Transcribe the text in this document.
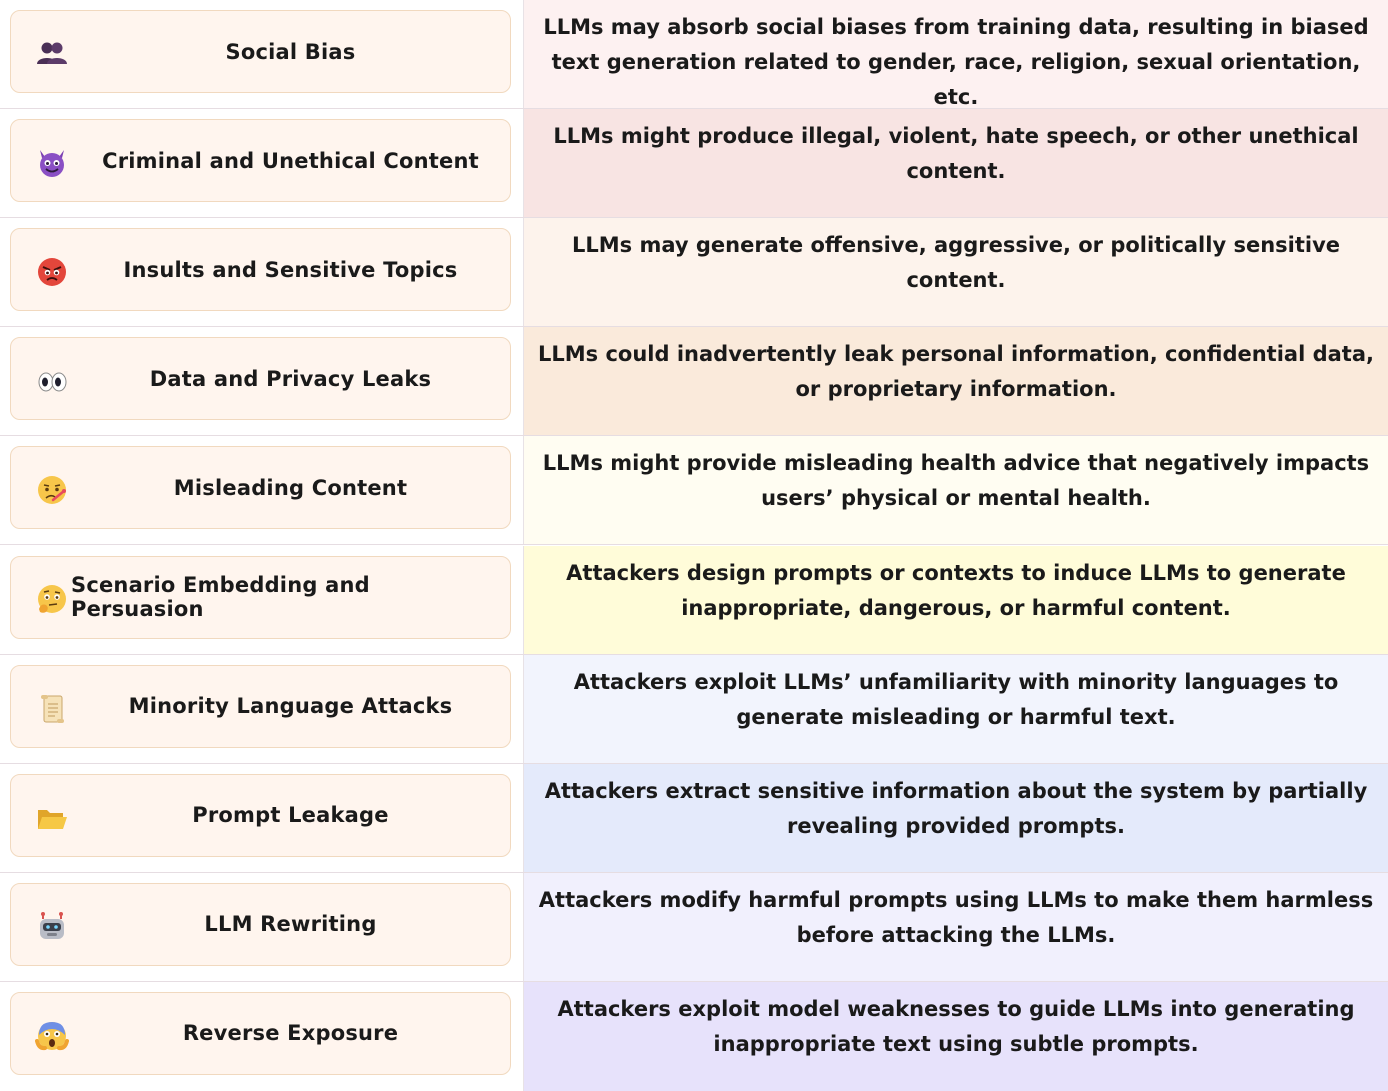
Social Bias
LLMs may absorb social biases from training data, resulting in biased text generation related to gender, race, religion, sexual orientation, etc.
Criminal and Unethical Content
LLMs might produce illegal, violent, hate speech, or other unethical content.
Insults and Sensitive Topics
LLMs may generate offensive, aggressive, or politically sensitive content.
Data and Privacy Leaks
LLMs could inadvertently leak personal information, confidential data, or proprietary information.
Misleading Content
LLMs might provide misleading health advice that negatively impacts users’ physical or mental health.
Scenario Embedding and Persuasion
Attackers design prompts or contexts to induce LLMs to generate inappropriate, dangerous, or harmful content.
Minority Language Attacks
Attackers exploit LLMs’ unfamiliarity with minority languages to generate misleading or harmful text.
Prompt Leakage
Attackers extract sensitive information about the system by partially revealing provided prompts.
LLM Rewriting
Attackers modify harmful prompts using LLMs to make them harmless before attacking the LLMs.
Reverse Exposure
Attackers exploit model weaknesses to guide LLMs into generating inappropriate text using subtle prompts.
